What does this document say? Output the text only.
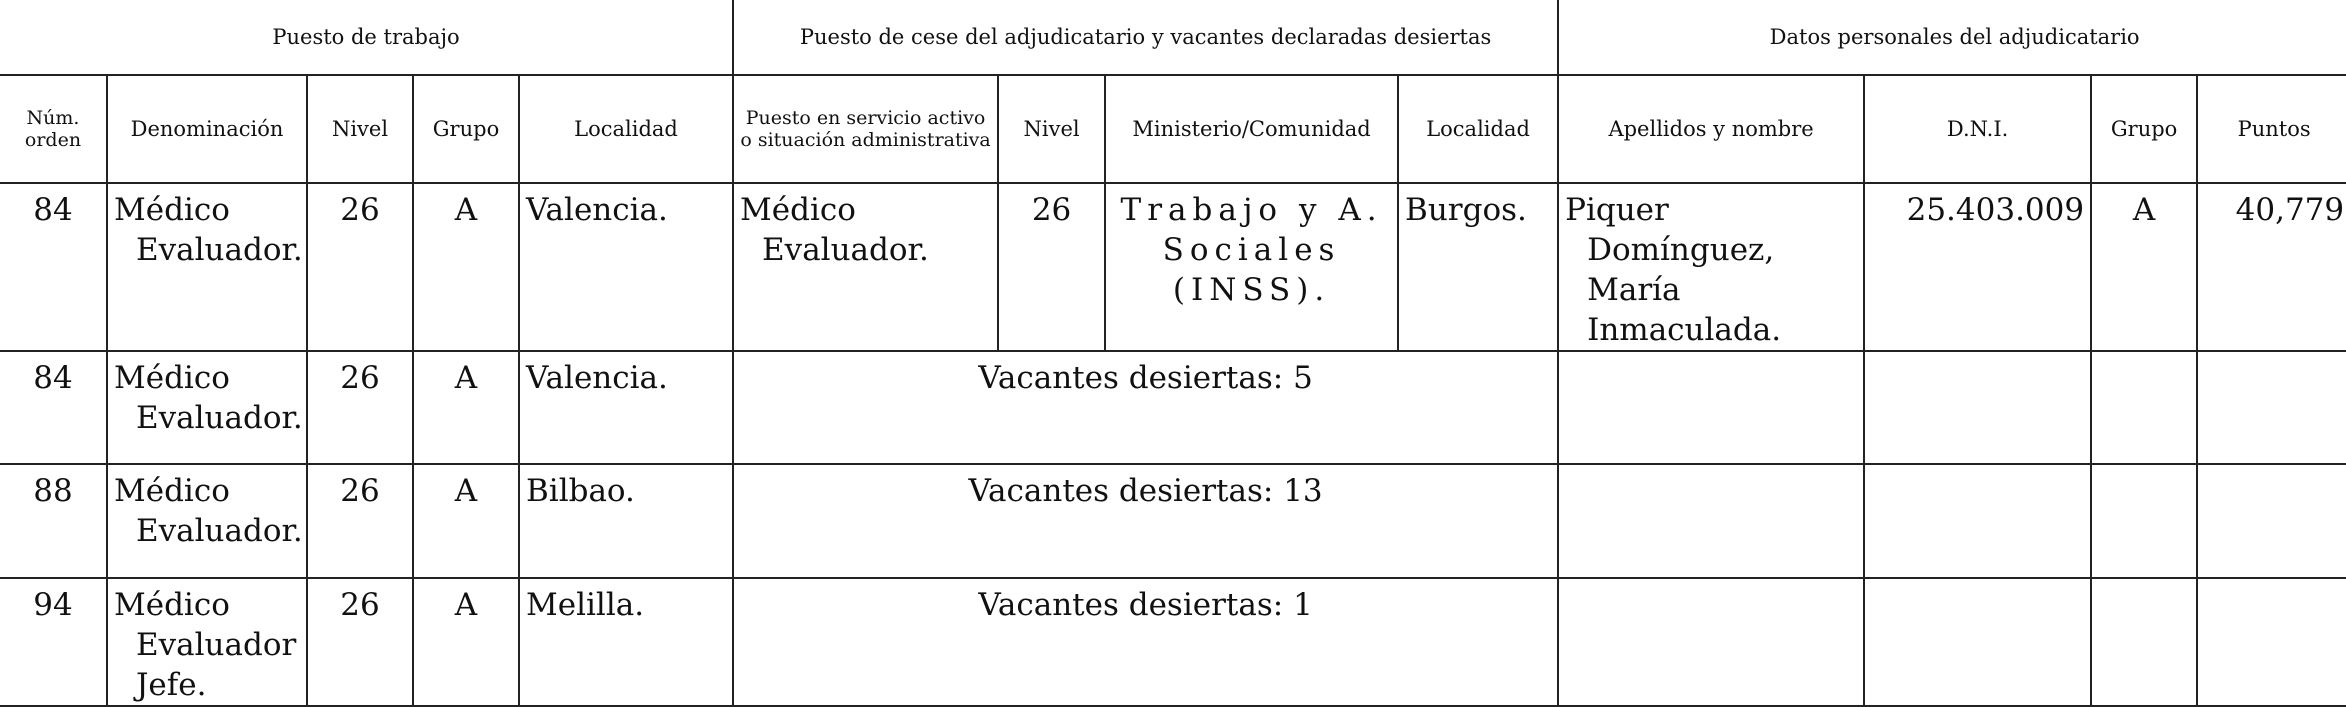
Puesto de trabajo					Puesto de cese del adjudicatario y vacantes declaradas desiertas				Datos personales del adjudicatario			
Núm. orden	Denominación	Nivel	Grupo	Localidad	Puesto en servicio activo o situación administrativa	Nivel	Ministerio/Comunidad	Localidad	Apellidos y nombre	D.N.I.	Grupo	Puntos
84	Médico Evaluador.	26	A	Valencia.	Médico Evaluador.	26	Trabajo y A. Sociales (INSS).	Burgos.	Piquer Domínguez, María Inmaculada.	25.403.009	A	40,779
84	Médico Evaluador.	26	A	Valencia.	Vacantes desiertas: 5							
88	Médico Evaluador.	26	A	Bilbao.	Vacantes desiertas: 13							
94	Médico Evaluador Jefe.	26	A	Melilla.	Vacantes desiertas: 1							
